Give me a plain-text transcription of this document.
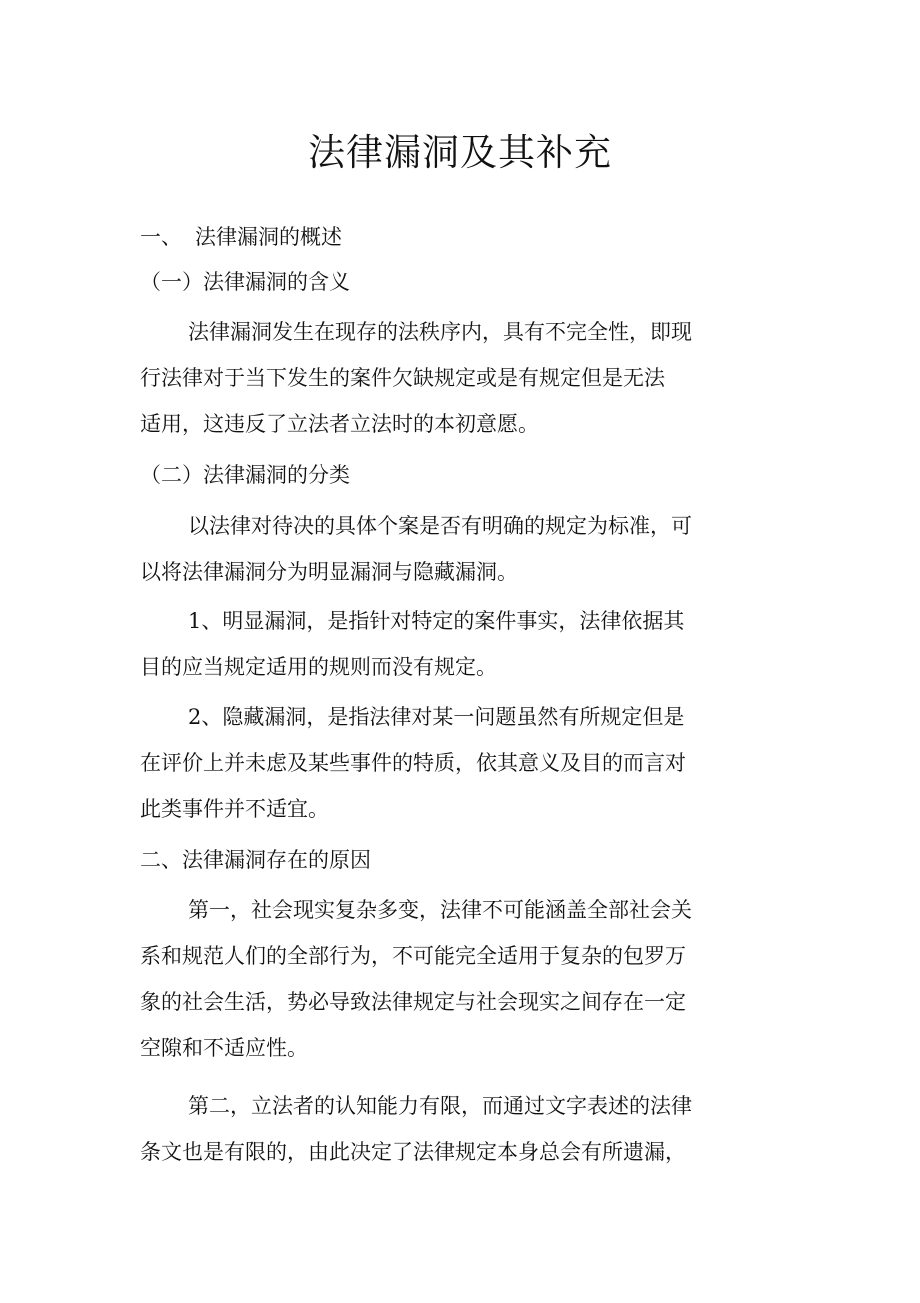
法律漏洞及其补充
一、 法律漏洞的概述
（一）法律漏洞的含义
法律漏洞发生在现存的法秩序内，具有不完全性，即现
行法律对于当下发生的案件欠缺规定或是有规定但是无法
适用，这违反了立法者立法时的本初意愿。
（二）法律漏洞的分类
以法律对待决的具体个案是否有明确的规定为标准，可
以将法律漏洞分为明显漏洞与隐藏漏洞。
1、明显漏洞，是指针对特定的案件事实，法律依据其
目的应当规定适用的规则而没有规定。
2、隐藏漏洞，是指法律对某一问题虽然有所规定但是
在评价上并未虑及某些事件的特质，依其意义及目的而言对
此类事件并不适宜。
二、法律漏洞存在的原因
第一，社会现实复杂多变，法律不可能涵盖全部社会关
系和规范人们的全部行为，不可能完全适用于复杂的包罗万
象的社会生活，势必导致法律规定与社会现实之间存在一定
空隙和不适应性。
第二，立法者的认知能力有限，而通过文字表述的法律
条文也是有限的，由此决定了法律规定本身总会有所遗漏，
